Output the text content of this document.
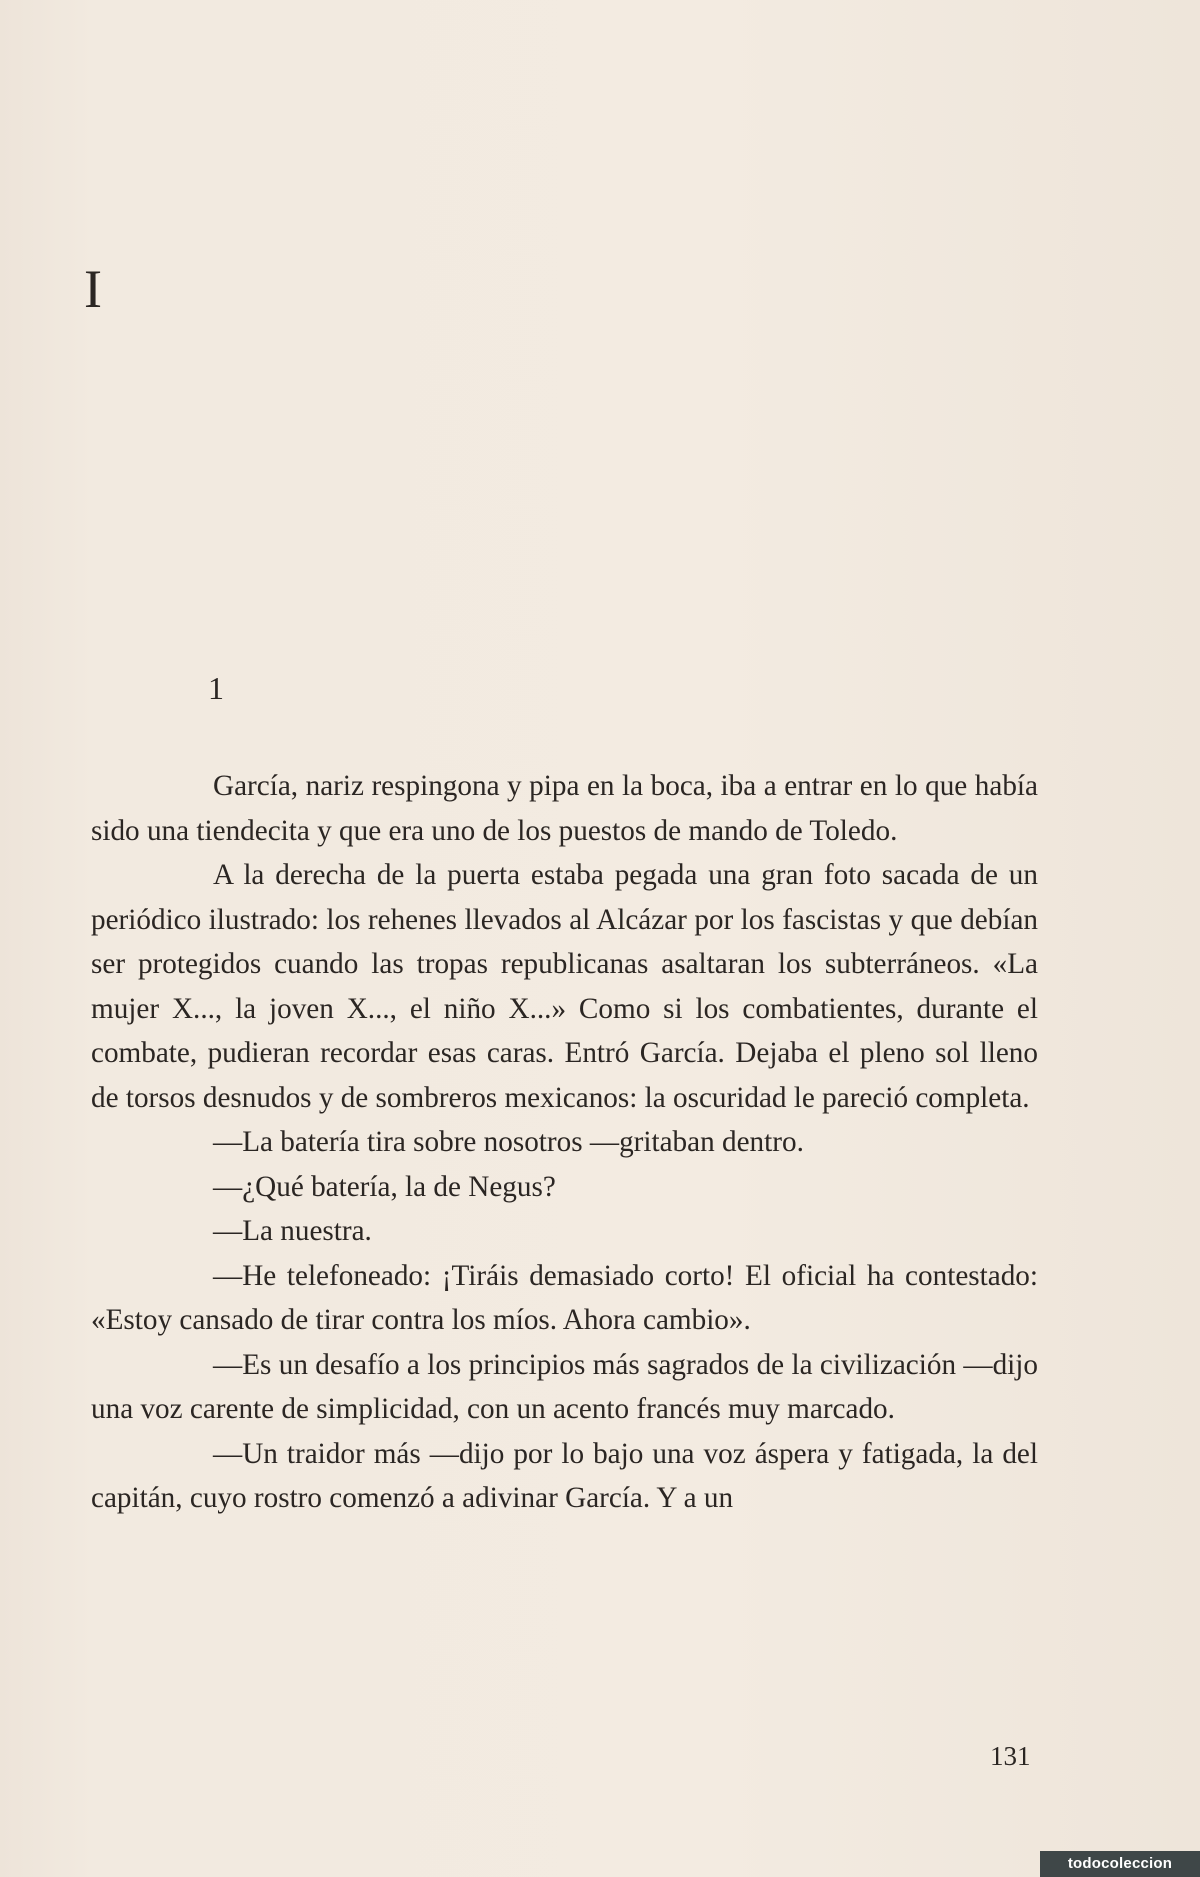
I
1

García, nariz respingona y pipa en la boca, iba a entrar en lo que había sido una tiendecita y que era uno de los puestos de mando de Toledo.

A la derecha de la puerta estaba pegada una gran foto sacada de un periódico ilustrado: los rehenes llevados al Alcázar por los fascistas y que debían ser protegidos cuando las tropas republicanas asaltaran los subterráneos. «La mujer X..., la joven X..., el niño X...» Como si los combatientes, durante el combate, pudieran recordar esas caras. Entró García. Dejaba el pleno sol lleno de torsos desnudos y de sombreros mexicanos: la oscuridad le pareció completa.

—La batería tira sobre nosotros —gritaban dentro.

—¿Qué batería, la de Negus?

—La nuestra.

—He telefoneado: ¡Tiráis demasiado corto! El oficial ha contestado: «Estoy cansado de tirar contra los míos. Ahora cambio».

—Es un desafío a los principios más sagrados de la civilización —dijo una voz carente de simplicidad, con un acento francés muy marcado.

—Un traidor más —dijo por lo bajo una voz áspera y fatigada, la del capitán, cuyo rostro comenzó a adivinar García. Y a un

131
todocoleccion
